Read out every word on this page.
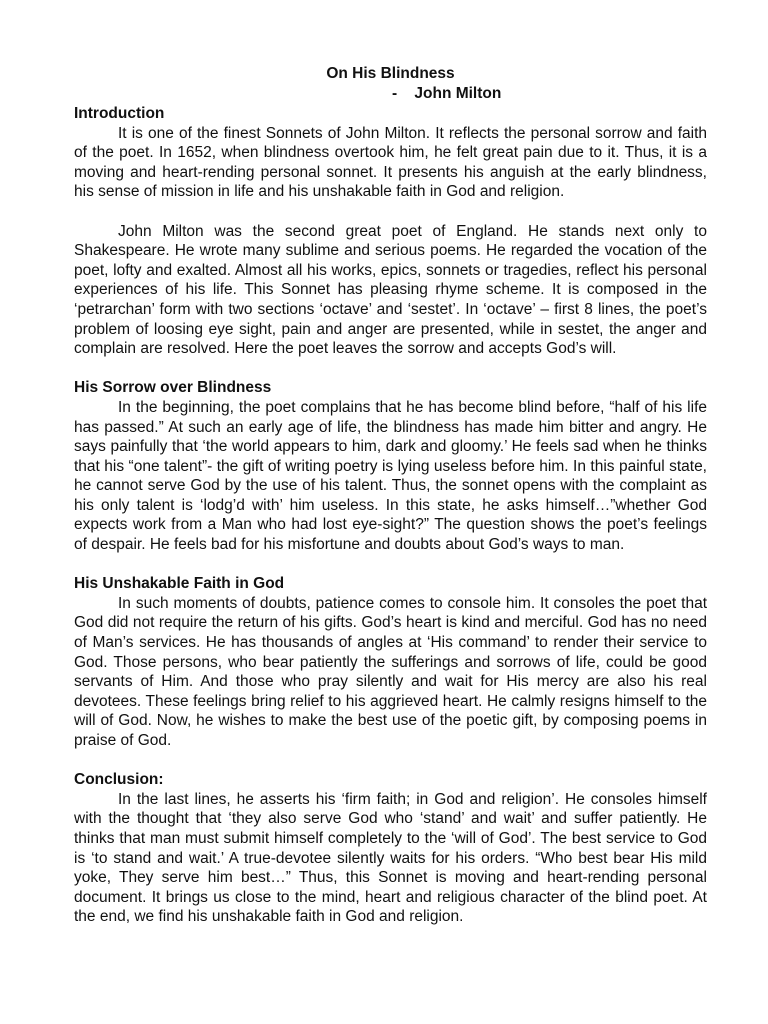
On His Blindness

-    John Milton

Introduction

It is one of the finest Sonnets of John Milton. It reflects the personal sorrow and faith of the poet. In 1652, when blindness overtook him, he felt great pain due to it. Thus, it is a moving and heart-rending personal sonnet. It presents his anguish at the early blindness, his sense of mission in life and his unshakable faith in God and religion.

John Milton was the second great poet of England. He stands next only to Shakespeare. He wrote many sublime and serious poems. He regarded the vocation of the poet, lofty and exalted. Almost all his works, epics, sonnets or tragedies, reflect his personal experiences of his life. This Sonnet has pleasing rhyme scheme. It is composed in the ‘petrarchan’ form with two sections ‘octave’ and ‘sestet’. In ‘octave’ – first 8 lines, the poet’s problem of loosing eye sight, pain and anger are presented, while in sestet, the anger and complain are resolved. Here the poet leaves the sorrow and accepts God’s will.

His Sorrow over Blindness

In the beginning, the poet complains that he has become blind before, “half of his life has passed.” At such an early age of life, the blindness has made him bitter and angry. He says painfully that ‘the world appears to him, dark and gloomy.’ He feels sad when he thinks that his “one talent”- the gift of writing poetry is lying useless before him. In this painful state, he cannot serve God by the use of his talent. Thus, the sonnet opens with the complaint as his only talent is ‘lodg’d with’ him useless. In this state, he asks himself…”whether God expects work from a Man who had lost eye-sight?” The question shows the poet’s feelings of despair. He feels bad for his misfortune and doubts about God’s ways to man.

His Unshakable Faith in God

In such moments of doubts, patience comes to console him. It consoles the poet that God did not require the return of his gifts. God’s heart is kind and merciful. God has no need of Man’s services. He has thousands of angles at ‘His command’ to render their service to God. Those persons, who bear patiently the sufferings and sorrows of life, could be good servants of Him. And those who pray silently and wait for His mercy are also his real devotees. These feelings bring relief to his aggrieved heart. He calmly resigns himself to the will of God. Now, he wishes to make the best use of the poetic gift, by composing poems in praise of God.

Conclusion:

In the last lines, he asserts his ‘firm faith; in God and religion’. He consoles himself with the thought that ‘they also serve God who ‘stand’ and wait’ and suffer patiently. He thinks that man must submit himself completely to the ‘will of God’. The best service to God is ‘to stand and wait.’ A true-devotee silently waits for his orders. “Who best bear His mild yoke, They serve him best…” Thus, this Sonnet is moving and heart-rending personal document. It brings us close to the mind, heart and religious character of the blind poet. At the end, we find his unshakable faith in God and religion.
